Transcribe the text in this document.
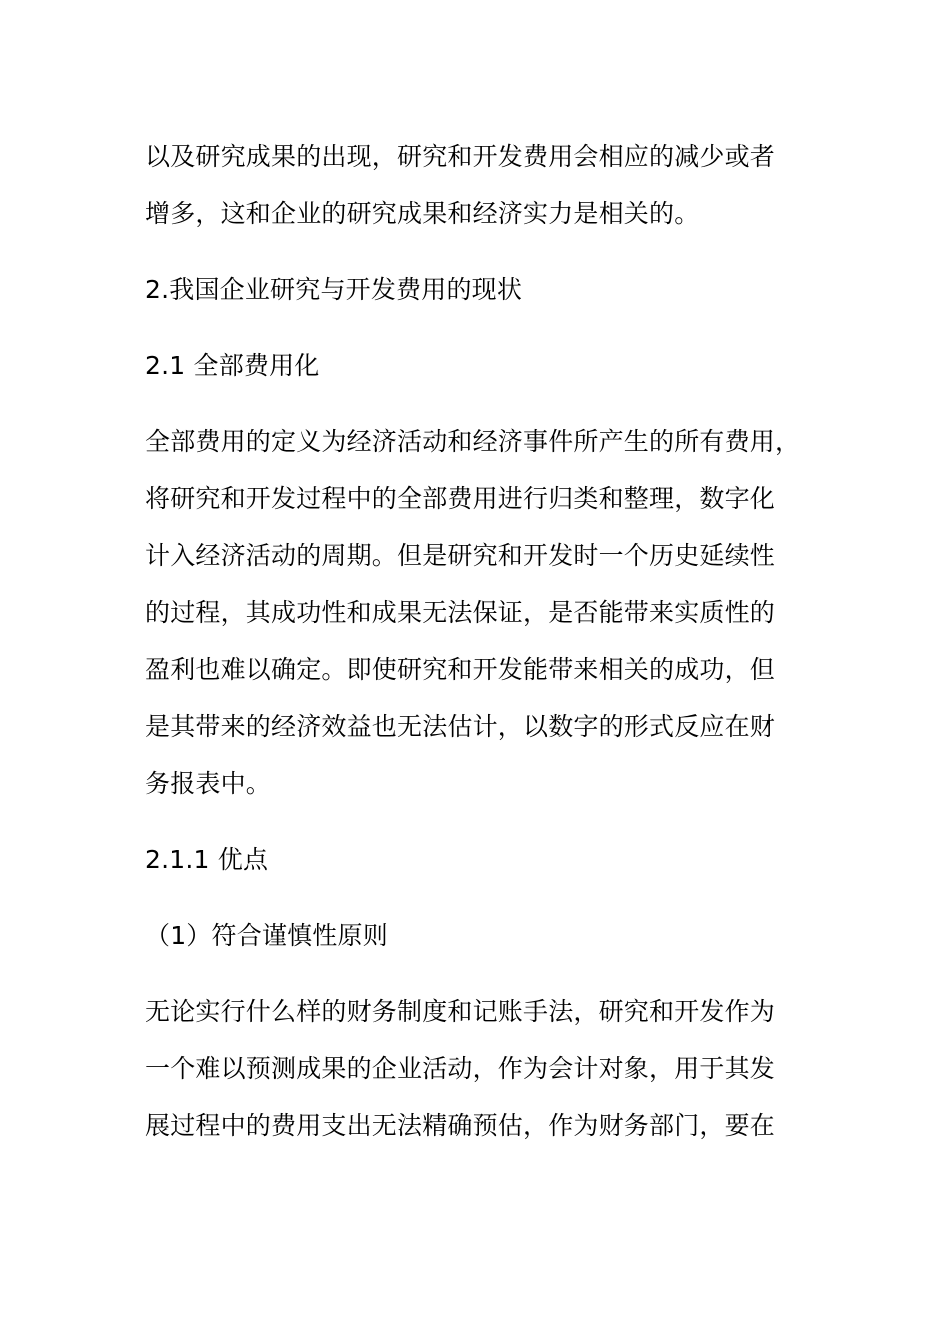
以及研究成果的出现，研究和开发费用会相应的减少或者
增多，这和企业的研究成果和经济实力是相关的。
2.我国企业研究与开发费用的现状
2.1 全部费用化
全部费用的定义为经济活动和经济事件所产生的所有费用，
将研究和开发过程中的全部费用进行归类和整理，数字化
计入经济活动的周期。但是研究和开发时一个历史延续性
的过程，其成功性和成果无法保证，是否能带来实质性的
盈利也难以确定。即使研究和开发能带来相关的成功，但
是其带来的经济效益也无法估计，以数字的形式反应在财
务报表中。
2.1.1 优点
（1）符合谨慎性原则
无论实行什么样的财务制度和记账手法，研究和开发作为
一个难以预测成果的企业活动，作为会计对象，用于其发
展过程中的费用支出无法精确预估，作为财务部门，要在
